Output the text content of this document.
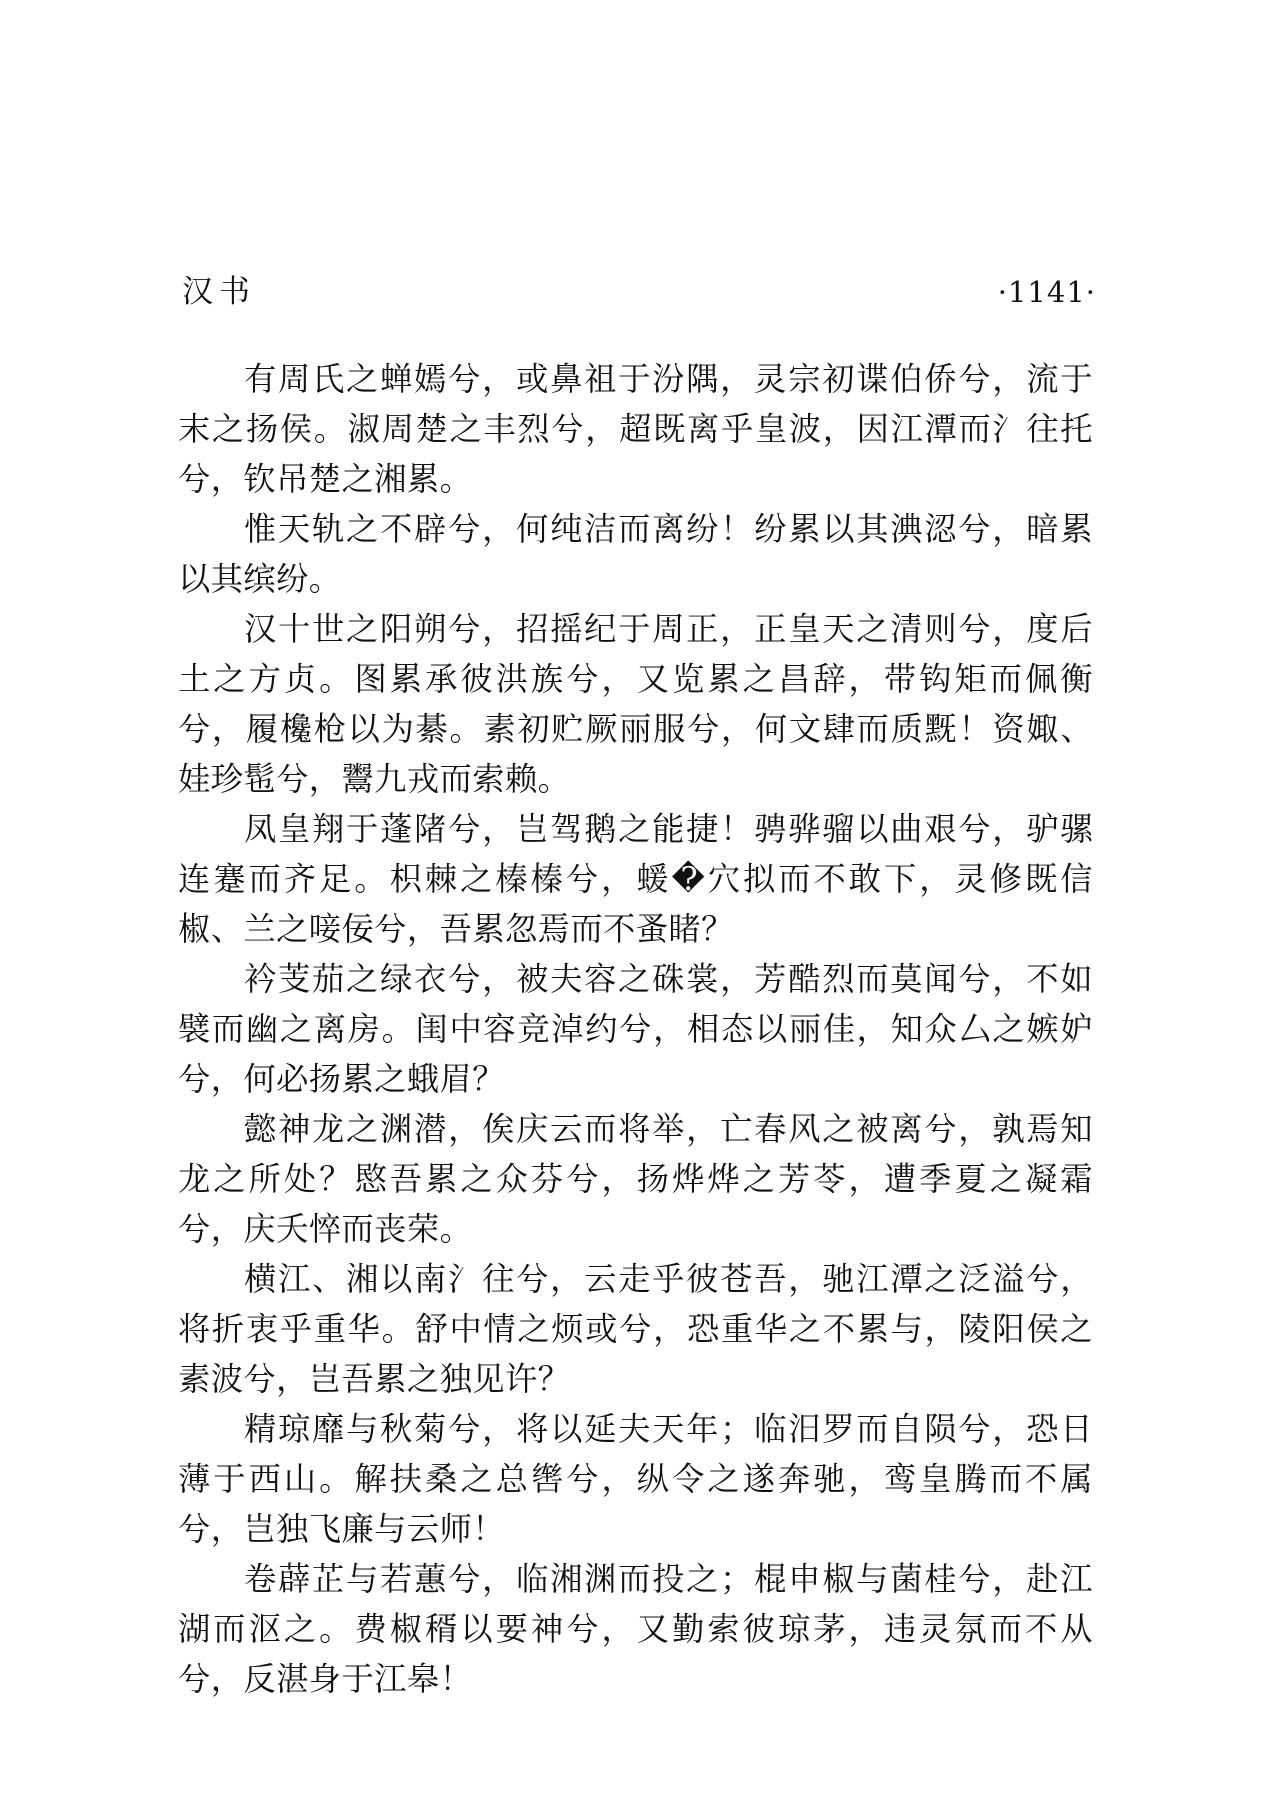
汉书	·1141·

有周氏之蝉嫣兮，或鼻祖于汾隅，灵宗初谍伯侨兮，流于末之扬侯。淑周楚之丰烈兮，超既离乎皇波，因江潭而氵往托兮，钦吊楚之湘累。

惟天轨之不辟兮，何纯洁而离纷！纷累以其淟涊兮，暗累以其缤纷。

汉十世之阳朔兮，招摇纪于周正，正皇天之清则兮，度后土之方贞。图累承彼洪族兮，又览累之昌辞，带钩矩而佩衡兮，履欃枪以为綦。素初贮厥丽服兮，何文肆而质黖！资娵、娃珍髢兮，鬻九戎而索赖。

凤皇翔于蓬陼兮，岂驾鹅之能捷！骋骅骝以曲艰兮，驴骡连蹇而齐足。枳棘之榛榛兮，蝯�穴拟而不敢下，灵修既信椒、兰之唼佞兮，吾累忽焉而不蚤睹？

衿芰茄之绿衣兮，被夫容之硃裳，芳酷烈而莫闻兮，不如襞而幽之离房。闺中容竞淖约兮，相态以丽佳，知众厶之嫉妒兮，何必扬累之蛾眉？

懿神龙之渊潜，俟庆云而将举，亡春风之被离兮，孰焉知龙之所处？愍吾累之众芬兮，扬烨烨之芳苓，遭季夏之凝霜兮，庆夭悴而丧荣。

横江、湘以南氵往兮，云走乎彼苍吾，驰江潭之泛溢兮，将折衷乎重华。舒中情之烦或兮，恐重华之不累与，陵阳侯之素波兮，岂吾累之独见许？

精琼靡与秋菊兮，将以延夫天年；临汨罗而自陨兮，恐日薄于西山。解扶桑之总辔兮，纵令之遂奔驰，鸾皇腾而不属兮，岂独飞廉与云师！

卷薜芷与若蕙兮，临湘渊而投之；棍申椒与菌桂兮，赴江湖而沤之。费椒稰以要神兮，又勤索彼琼茅，违灵氛而不从兮，反湛身于江皋！
